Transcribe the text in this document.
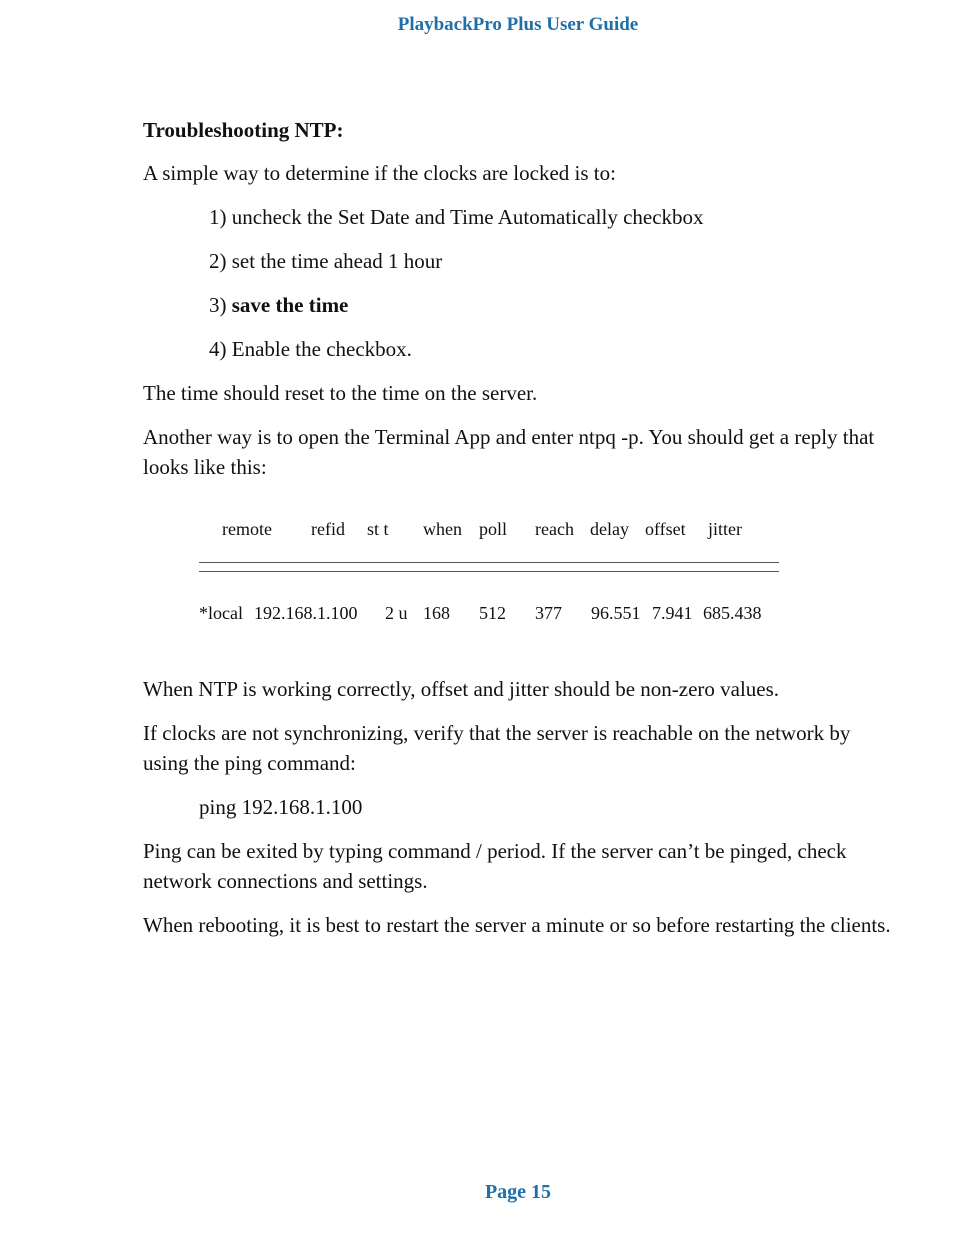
PlaybackPro Plus User Guide
Troubleshooting NTP:
A simple way to determine if the clocks are locked is to:
1) uncheck the Set Date and Time Automatically checkbox
2) set the time ahead 1 hour
3) save the time
4) Enable the checkbox.
The time should reset to the time on the server.
Another way is to open the Terminal App and enter ntpq -p. You should get a reply that looks like this:
remote refid st t when poll reach delay offset jitter
*local 192.168.1.100 2 u 168 512 377 96.551 7.941 685.438
When NTP is working correctly, offset and jitter should be non-zero values.
If clocks are not synchronizing, verify that the server is reachable on the network by using the ping command:
ping 192.168.1.100
Ping can be exited by typing command / period. If the server can’t be pinged, check network connections and settings.
When rebooting, it is best to restart the server a minute or so before restarting the clients.
Page 15
